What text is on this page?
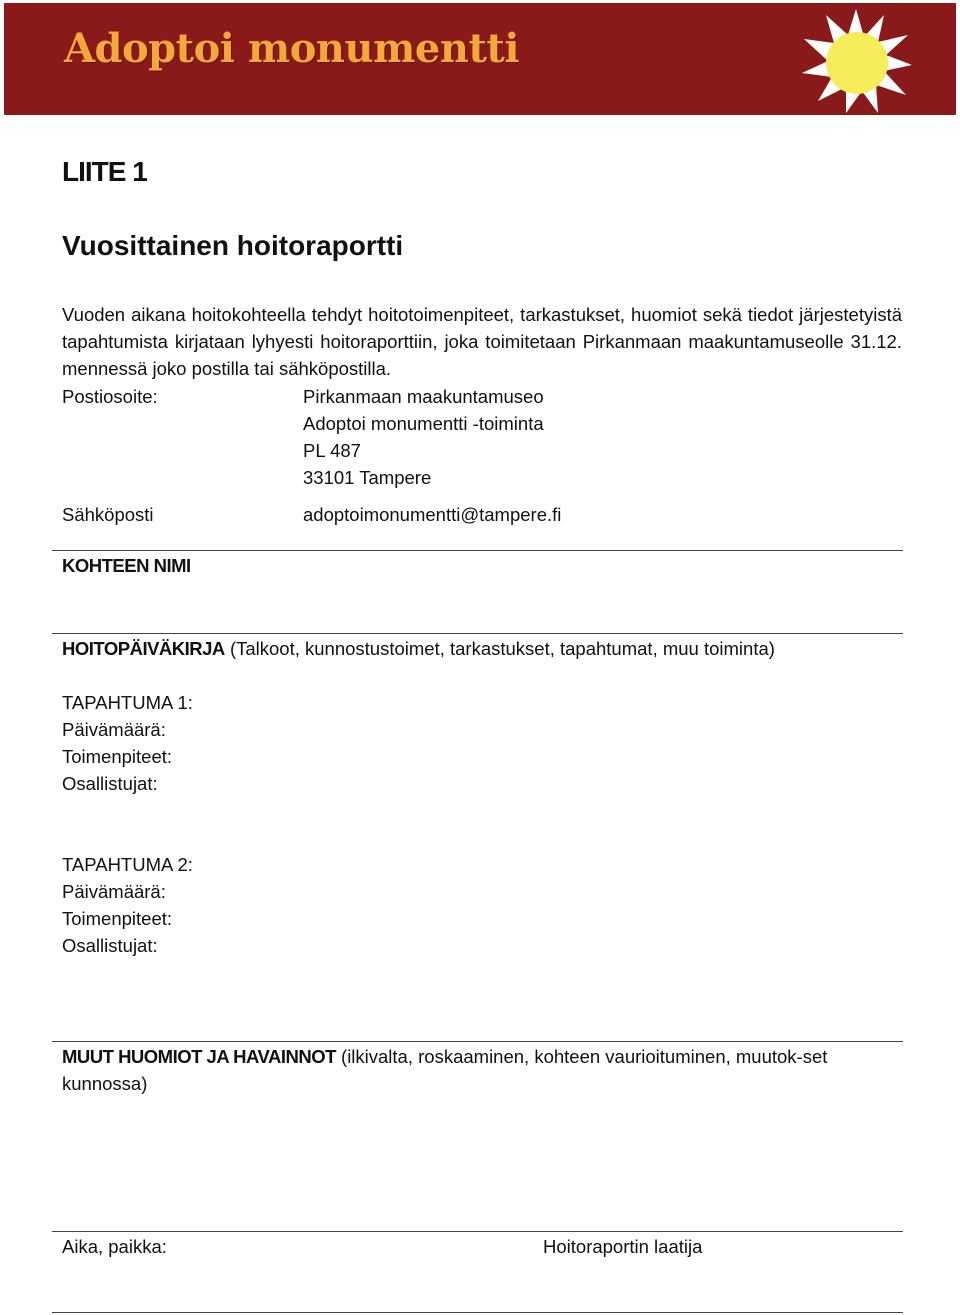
Adoptoi monumentti
LIITE 1
Vuosittainen hoitoraportti
Vuoden aikana hoitokohteella tehdyt hoitotoimenpiteet, tarkastukset, huomiot sekä tiedot järjestetyistä tapahtumista kirjataan lyhyesti hoitoraporttiin, joka toimitetaan Pirkanmaan maakuntamuseolle 31.12. mennessä joko postilla tai sähköpostilla.
Postiosoite:	Pirkanmaan maakuntamuseo
Adoptoi monumentti -toiminta
PL 487
33101 Tampere
Sähköposti	adoptoimonumentti@tampere.fi
KOHTEEN NIMI
HOITOPÄIVÄKIRJA (Talkoot, kunnostustoimet, tarkastukset, tapahtumat, muu toiminta)
TAPAHTUMA 1:
Päivämäärä:
Toimenpiteet:
Osallistujat:
TAPAHTUMA 2:
Päivämäärä:
Toimenpiteet:
Osallistujat:
MUUT HUOMIOT JA HAVAINNOT (ilkivalta, roskaaminen, kohteen vaurioituminen, muutok-set kunnossa)
Aika, paikka:	Hoitoraportin laatija
